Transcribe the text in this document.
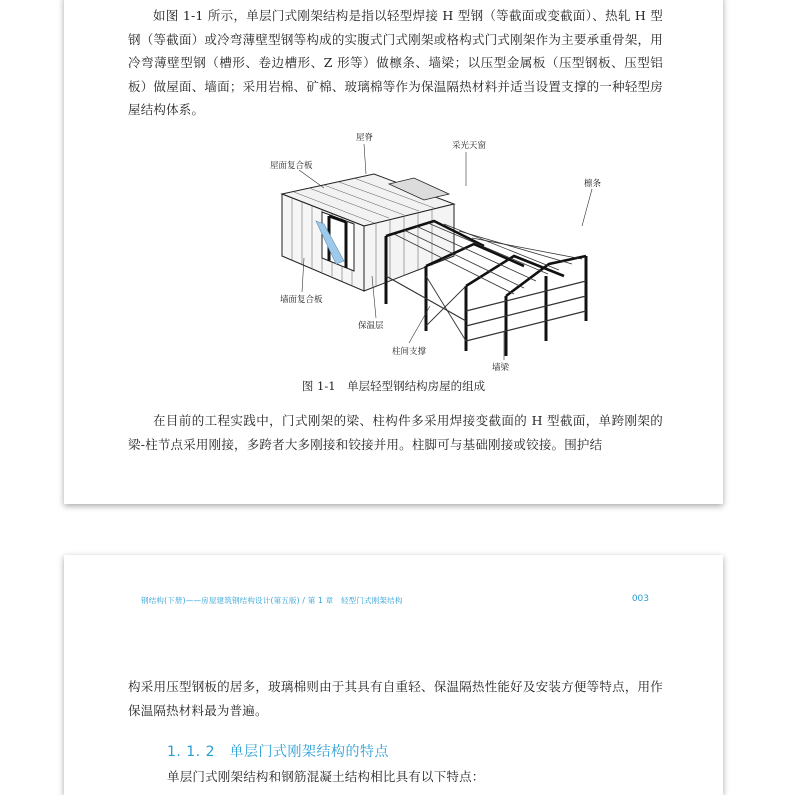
如图 1-1 所示，单层门式刚架结构是指以轻型焊接 H 型钢（等截面或变截面）、热轧 H 型钢（等截面）或冷弯薄壁型钢等构成的实腹式门式刚架或格构式门式刚架作为主要承重骨架，用冷弯薄壁型钢（槽形、卷边槽形、Z 形等）做檩条、墙梁；以压型金属板（压型钢板、压型铝板）做屋面、墙面；采用岩棉、矿棉、玻璃棉等作为保温隔热材料并适当设置支撑的一种轻型房屋结构体系。

屋脊
采光天窗
屋面复合板
檩条
墙面复合板
保温层
柱间支撑
墙梁
图 1-1　单层轻型钢结构房屋的组成

在目前的工程实践中，门式刚架的梁、柱构件多采用焊接变截面的 H 型截面，单跨刚架的梁-柱节点采用刚接，多跨者大多刚接和铰接并用。柱脚可与基础刚接或铰接。围护结

钢结构(下册)——房屋建筑钢结构设计(第五版) / 第 1 章　轻型门式刚架结构	003

构采用压型钢板的居多，玻璃棉则由于其具有自重轻、保温隔热性能好及安装方便等特点，用作保温隔热材料最为普遍。

1. 1. 2　单层门式刚架结构的特点

单层门式刚架结构和钢筋混凝土结构相比具有以下特点：
